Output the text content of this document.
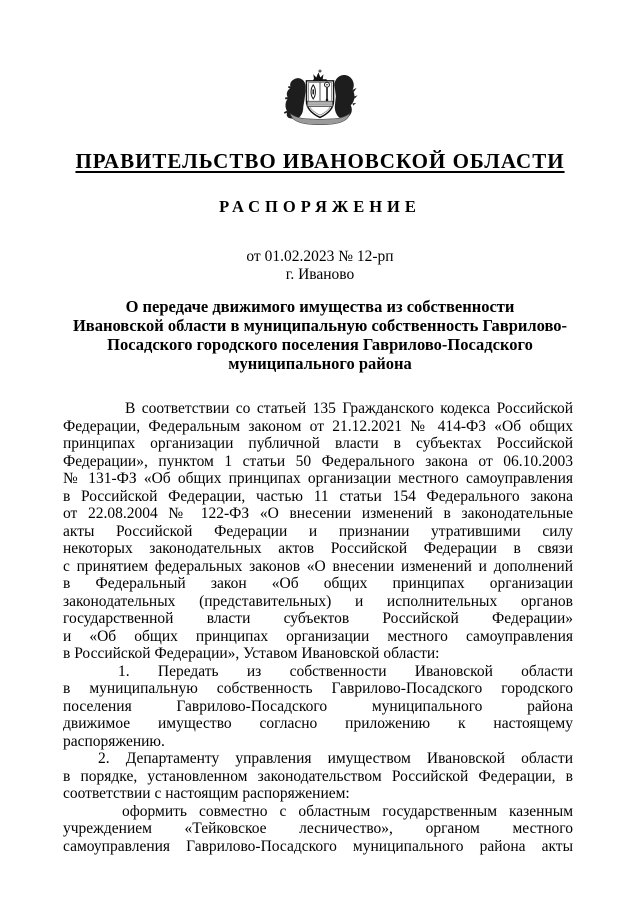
ПРАВИТЕЛЬСТВО ИВАНОВСКОЙ ОБЛАСТИ
РАСПОРЯЖЕНИЕ
от 01.02.2023 № 12-рп
г. Иваново
О передаче движимого имущества из собственности
Ивановской области в муниципальную собственность Гаврилово-
Посадского городского поселения Гаврилово-Посадского
муниципального района
В соответствии со статьей 135 Гражданского кодекса Российской
Федерации, Федеральным законом от 21.12.2021 № 414-ФЗ «Об общих
принципах организации публичной власти в субъектах Российской
Федерации», пунктом 1 статьи 50 Федерального закона от 06.10.2003
№ 131-ФЗ «Об общих принципах организации местного самоуправления
в Российской Федерации, частью 11 статьи 154 Федерального закона
от 22.08.2004 № 122-ФЗ «О внесении изменений в законодательные
акты Российской Федерации и признании утратившими силу
некоторых законодательных актов Российской Федерации в связи
с принятием федеральных законов «О внесении изменений и дополнений
в Федеральный закон «Об общих принципах организации
законодательных (представительных) и исполнительных органов
государственной власти субъектов Российской Федерации»
и «Об общих принципах организации местного самоуправления
в Российской Федерации», Уставом Ивановской области:
1. Передать из собственности Ивановской области
в муниципальную собственность Гаврилово-Посадского городского
поселения Гаврилово-Посадского муниципального района
движимое имущество согласно приложению к настоящему
распоряжению.
2. Департаменту управления имуществом Ивановской области
в порядке, установленном законодательством Российской Федерации, в
соответствии с настоящим распоряжением:
оформить совместно с областным государственным казенным
учреждением «Тейковское лесничество», органом местного
самоуправления Гаврилово-Посадского муниципального района акты
